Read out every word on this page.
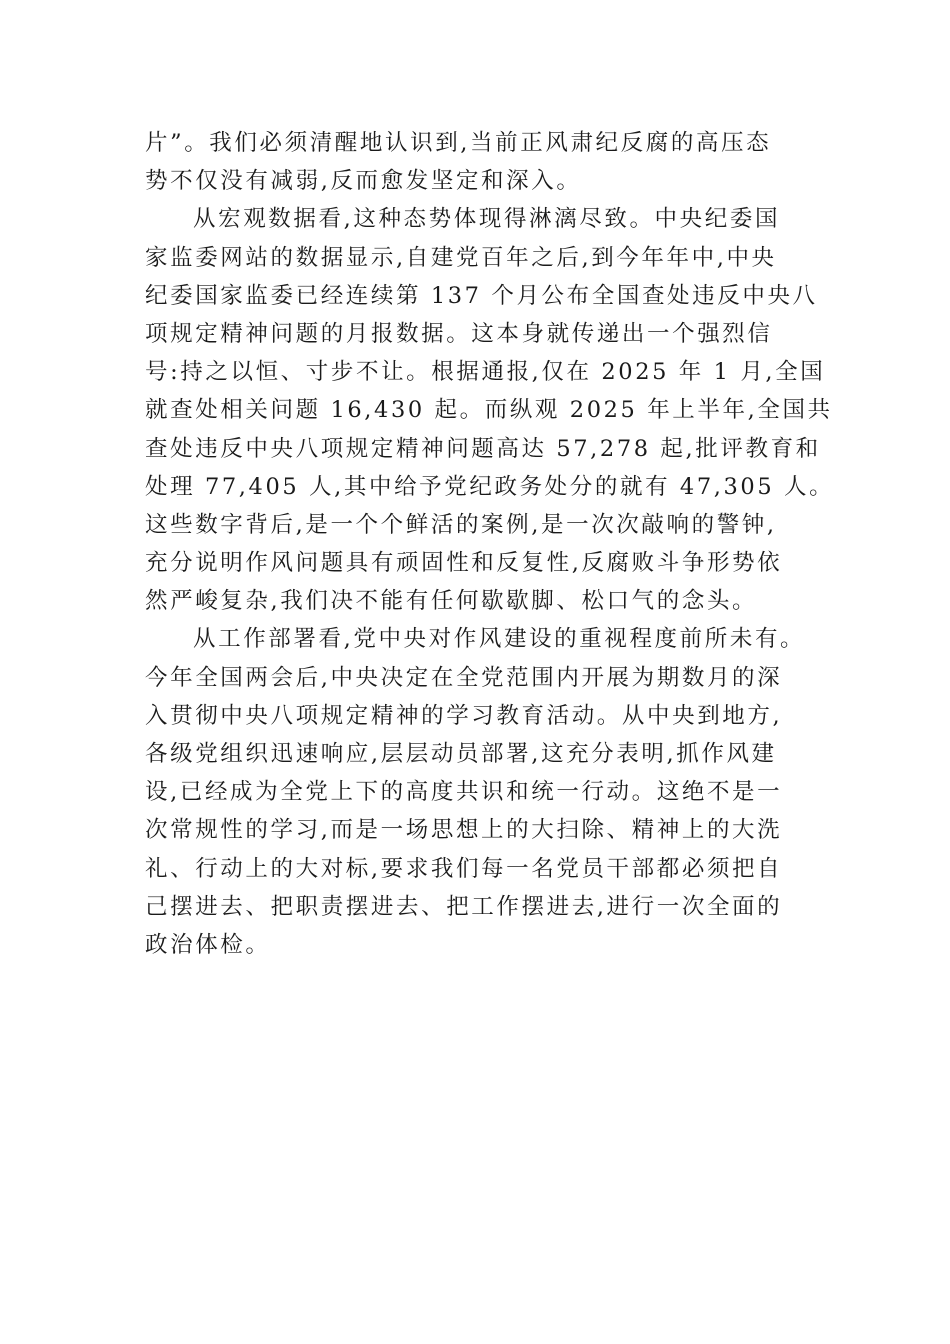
片”。我们必须清醒地认识到,当前正风肃纪反腐的高压态
势不仅没有减弱,反而愈发坚定和深入。
从宏观数据看,这种态势体现得淋漓尽致。中央纪委国
家监委网站的数据显示,自建党百年之后,到今年年中,中央
纪委国家监委已经连续第 137 个月公布全国查处违反中央八
项规定精神问题的月报数据。这本身就传递出一个强烈信
号:持之以恒、寸步不让。根据通报,仅在 2025 年 1 月,全国
就查处相关问题 16,430 起。而纵观 2025 年上半年,全国共
查处违反中央八项规定精神问题高达 57,278 起,批评教育和
处理 77,405 人,其中给予党纪政务处分的就有 47,305 人。
这些数字背后,是一个个鲜活的案例,是一次次敲响的警钟,
充分说明作风问题具有顽固性和反复性,反腐败斗争形势依
然严峻复杂,我们决不能有任何歇歇脚、松口气的念头。
从工作部署看,党中央对作风建设的重视程度前所未有。
今年全国两会后,中央决定在全党范围内开展为期数月的深
入贯彻中央八项规定精神的学习教育活动。从中央到地方,
各级党组织迅速响应,层层动员部署,这充分表明,抓作风建
设,已经成为全党上下的高度共识和统一行动。这绝不是一
次常规性的学习,而是一场思想上的大扫除、精神上的大洗
礼、行动上的大对标,要求我们每一名党员干部都必须把自
己摆进去、把职责摆进去、把工作摆进去,进行一次全面的
政治体检。
